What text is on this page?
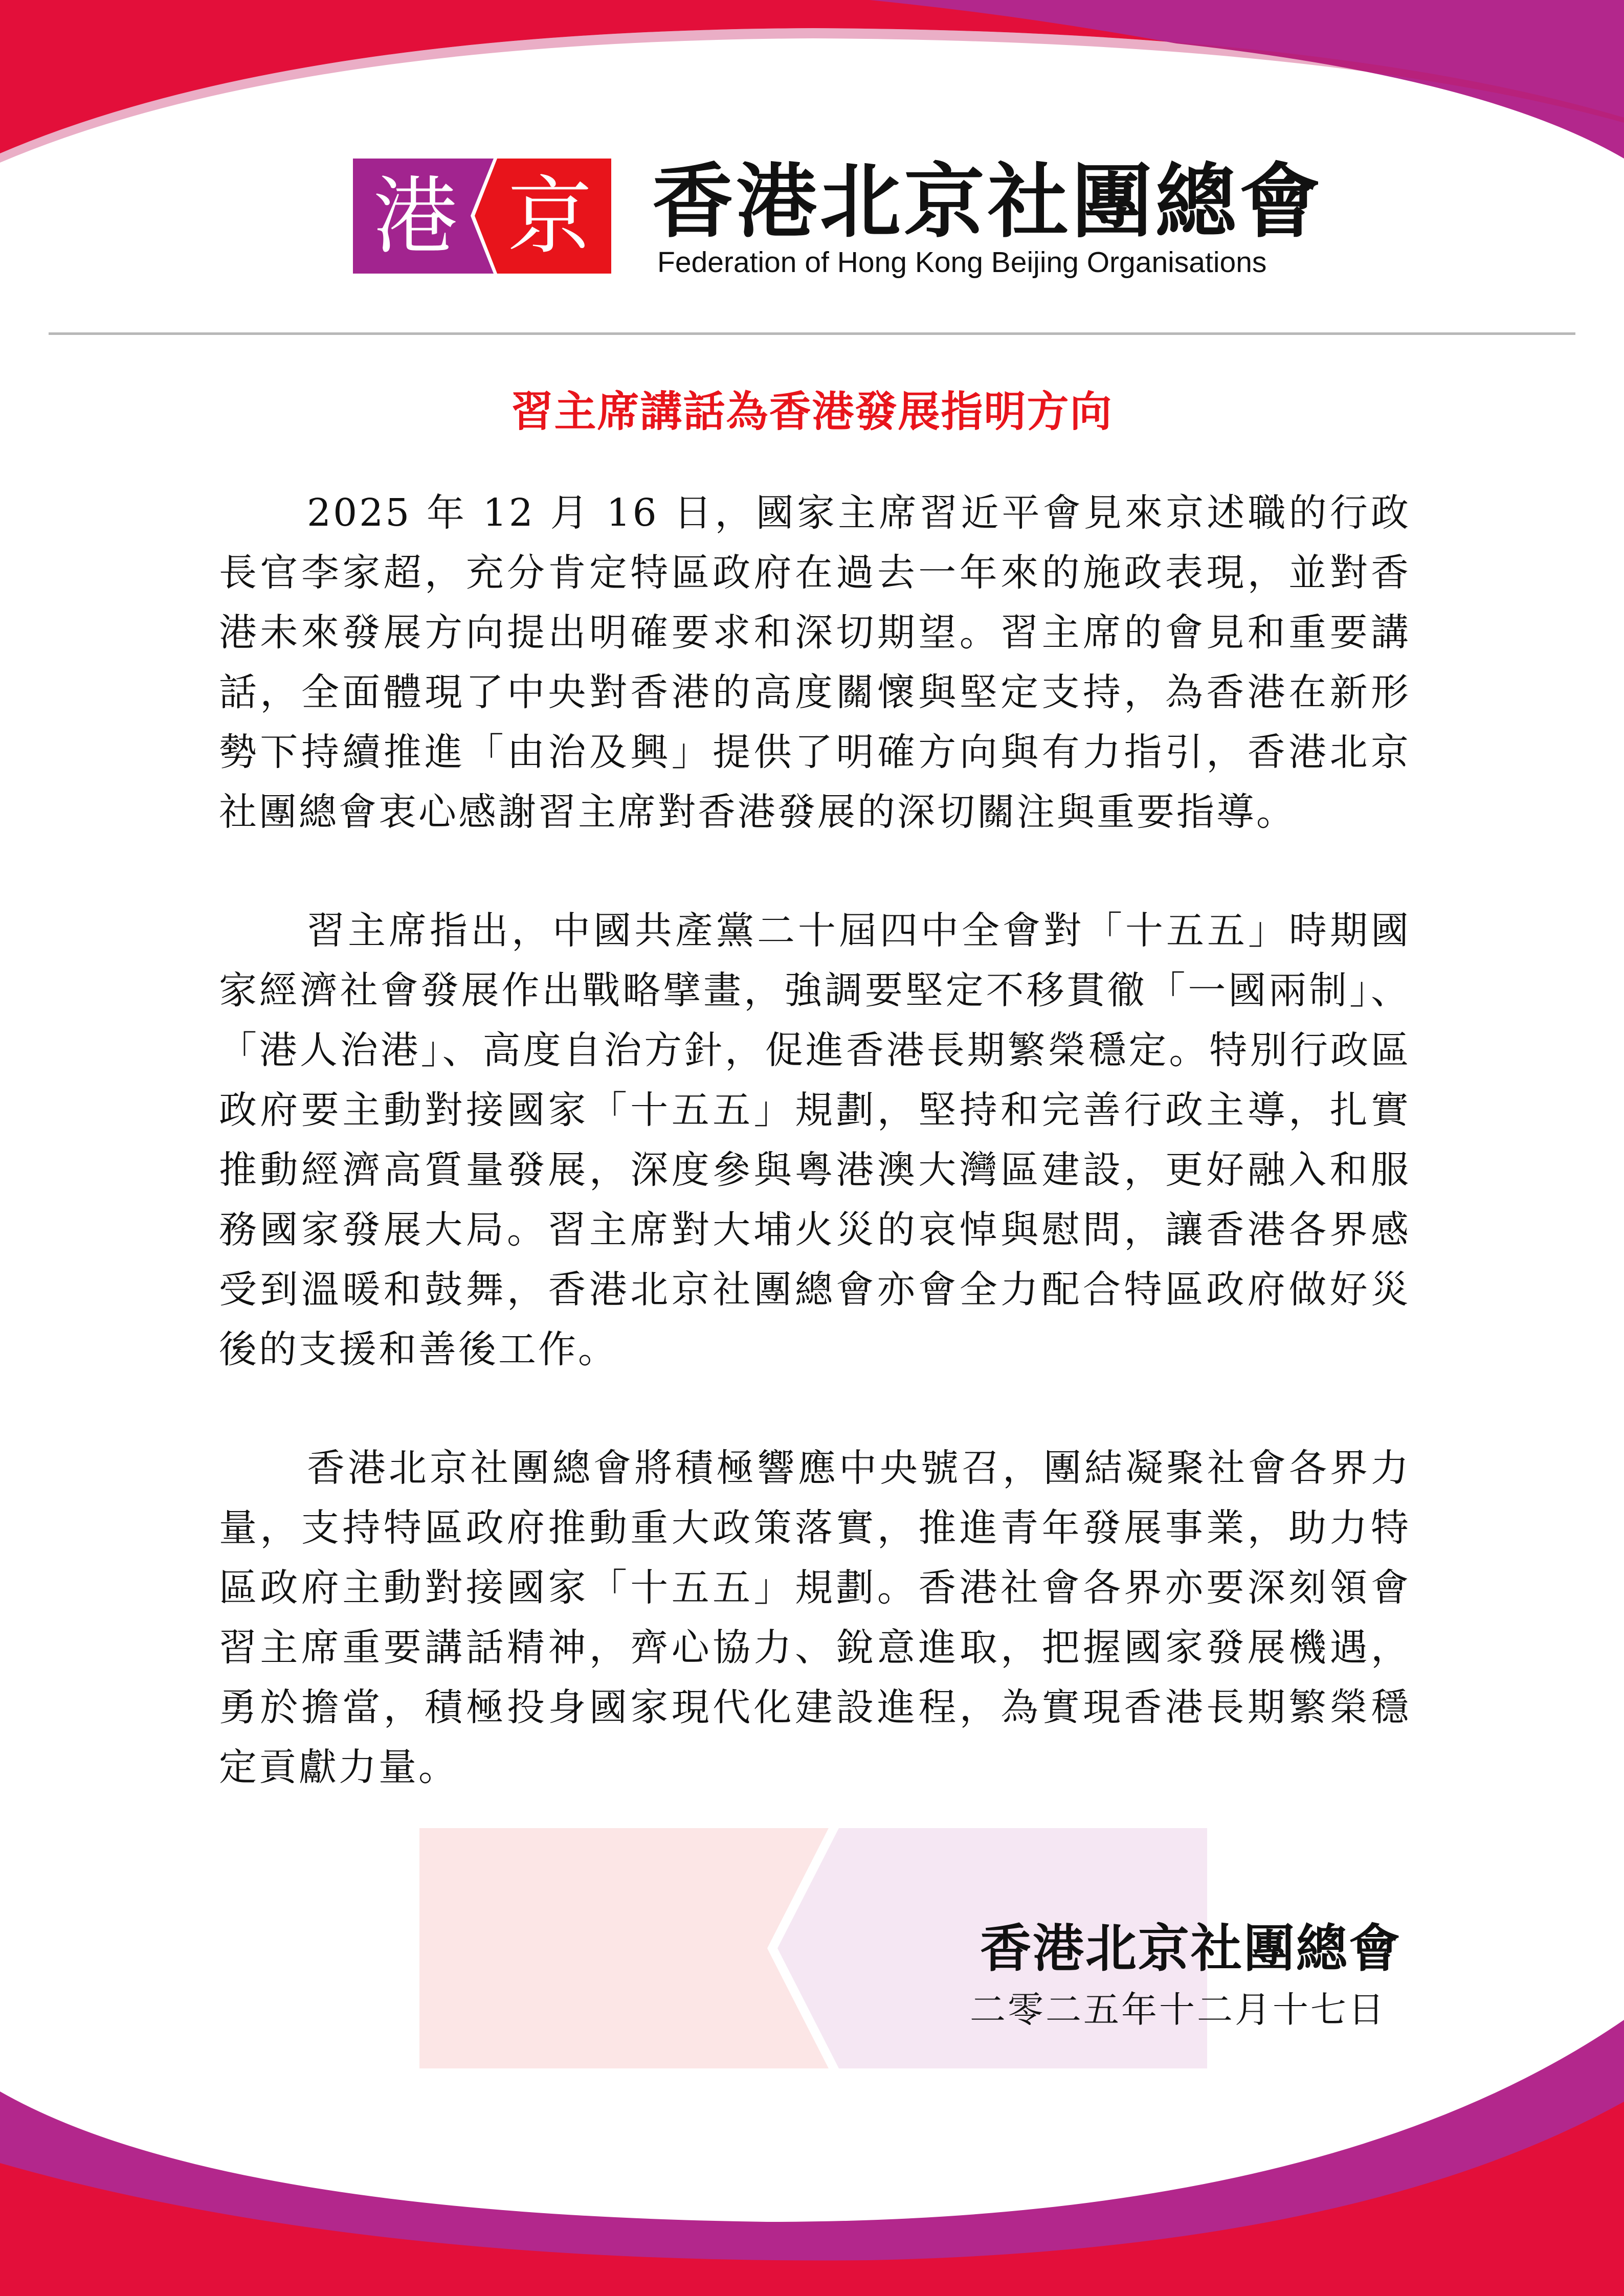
港 京 香港北京社團總會
Federation of Hong Kong Beijing Organisations
習主席講話為香港發展指明方向

2025 年 12 月 16 日，國家主席習近平會見來京述職的行政長官李家超，充分肯定特區政府在過去一年來的施政表現，並對香港未來發展方向提出明確要求和深切期望。習主席的會見和重要講話，全面體現了中央對香港的高度關懷與堅定支持，為香港在新形勢下持續推進「由治及興」提供了明確方向與有力指引，香港北京社團總會衷心感謝習主席對香港發展的深切關注與重要指導。

習主席指出，中國共產黨二十屆四中全會對「十五五」時期國家經濟社會發展作出戰略擘畫，強調要堅定不移貫徹「一國兩制」、「港人治港」、高度自治方針，促進香港長期繁榮穩定。特別行政區政府要主動對接國家「十五五」規劃，堅持和完善行政主導，扎實推動經濟高質量發展，深度參與粵港澳大灣區建設，更好融入和服務國家發展大局。習主席對大埔火災的哀悼與慰問，讓香港各界感受到溫暖和鼓舞，香港北京社團總會亦會全力配合特區政府做好災後的支援和善後工作。

香港北京社團總會將積極響應中央號召，團結凝聚社會各界力量，支持特區政府推動重大政策落實，推進青年發展事業，助力特區政府主動對接國家「十五五」規劃。香港社會各界亦要深刻領會習主席重要講話精神，齊心協力、銳意進取，把握國家發展機遇，勇於擔當，積極投身國家現代化建設進程，為實現香港長期繁榮穩定貢獻力量。

香港北京社團總會
二零二五年十二月十七日
